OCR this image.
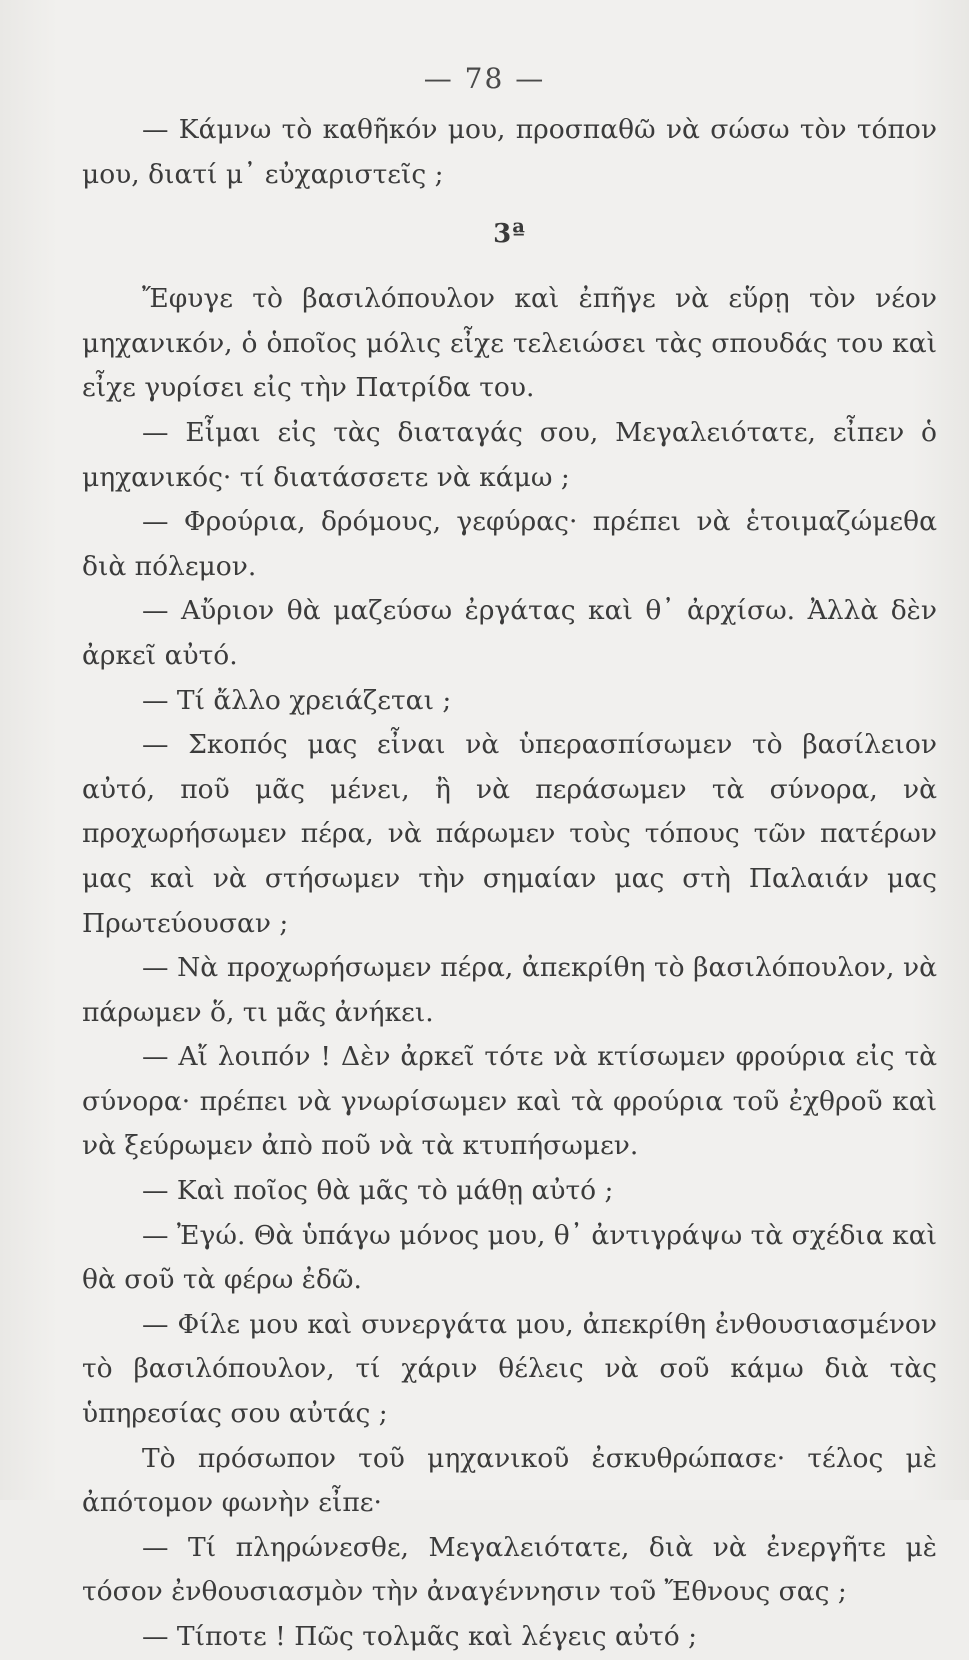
— 78 —

— Κάμνω τὸ καθῆκόν μου, προσπαθῶ νὰ σώσω τὸν τόπον μου, διατί μ᾽ εὐχαριστεῖς ;

3ª

Ἔφυγε τὸ βασιλόπουλον καὶ ἐπῆγε νὰ εὕρῃ τὸν νέον μηχανικόν, ὁ ὁποῖος μόλις εἶχε τελειώσει τὰς σπουδάς του καὶ εἶχε γυρίσει εἰς τὴν Πατρίδα του.

— Εἶμαι εἰς τὰς διαταγάς σου, Μεγαλειότατε, εἶπεν ὁ μηχανικός· τί διατάσσετε νὰ κάμω ;

— Φρούρια, δρόμους, γεφύρας· πρέπει νὰ ἑτοιμαζώμεθα διὰ πόλεμον.

— Αὔριον θὰ μαζεύσω ἐργάτας καὶ θ᾽ ἀρχίσω. Ἀλλὰ δὲν ἀρκεῖ αὐτό.

— Τί ἄλλο χρειάζεται ;

— Σκοπός μας εἶναι νὰ ὑπερασπίσωμεν τὸ βασίλειον αὐτό, ποῦ μᾶς μένει, ἢ νὰ περάσωμεν τὰ σύνορα, νὰ προχωρήσωμεν πέρα, νὰ πάρωμεν τοὺς τόπους τῶν πατέρων μας καὶ νὰ στήσωμεν τὴν σημαίαν μας στὴ Παλαιάν μας Πρωτεύουσαν ;

— Νὰ προχωρήσωμεν πέρα, ἀπεκρίθη τὸ βασιλόπουλον, νὰ πάρωμεν ὅ, τι μᾶς ἀνήκει.

— Αἴ λοιπόν ! Δὲν ἀρκεῖ τότε νὰ κτίσωμεν φρούρια εἰς τὰ σύνορα· πρέπει νὰ γνωρίσωμεν καὶ τὰ φρούρια τοῦ ἐχθροῦ καὶ νὰ ξεύρωμεν ἀπὸ ποῦ νὰ τὰ κτυπήσωμεν.

— Καὶ ποῖος θὰ μᾶς τὸ μάθῃ αὐτό ;

— Ἐγώ. Θὰ ὑπάγω μόνος μου, θ᾽ ἀντιγράψω τὰ σχέδια καὶ θὰ σοῦ τὰ φέρω ἐδῶ.

— Φίλε μου καὶ συνεργάτα μου, ἀπεκρίθη ἐνθουσιασμένον τὸ βασιλόπουλον, τί χάριν θέλεις νὰ σοῦ κάμω διὰ τὰς ὑπηρεσίας σου αὐτάς ;

Τὸ πρόσωπον τοῦ μηχανικοῦ ἐσκυθρώπασε· τέλος μὲ ἀπότομον φωνὴν εἶπε·

— Τί πληρώνεσθε, Μεγαλειότατε, διὰ νὰ ἐνεργῆτε μὲ τόσον ἐνθουσιασμὸν τὴν ἀναγέννησιν τοῦ Ἔθνους σας ;

— Τίποτε ! Πῶς τολμᾶς καὶ λέγεις αὐτό ;
